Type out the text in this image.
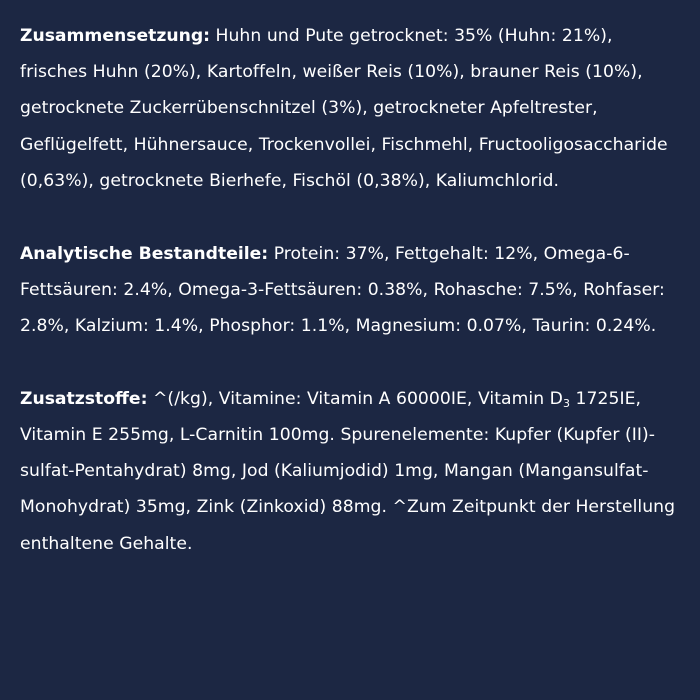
Zusammensetzung: Huhn und Pute getrocknet: 35% (Huhn: 21%), frisches Huhn (20%), Kartoffeln, weißer Reis (10%), brauner Reis (10%), getrocknete Zuckerrübenschnitzel (3%), getrockneter Apfeltrester, Geflügelfett, Hühnersauce, Trockenvollei, Fischmehl, Fructooligosaccharide (0,63%), getrocknete Bierhefe, Fischöl (0,38%), Kaliumchlorid.

Analytische Bestandteile: Protein: 37%, Fettgehalt: 12%, Omega-6-Fettsäuren: 2.4%, Omega-3-Fettsäuren: 0.38%, Rohasche: 7.5%, Rohfaser: 2.8%, Kalzium: 1.4%, Phosphor: 1.1%, Magnesium: 0.07%, Taurin: 0.24%.

Zusatzstoffe: ^(/kg), Vitamine: Vitamin A 60000IE, Vitamin $D_3$ 1725IE, Vitamin E 255mg, L-Carnitin 100mg. Spurenelemente: Kupfer (Kupfer (II)-sulfat-Pentahydrat) 8mg, Jod (Kaliumjodid) 1mg, Mangan (Mangansulfat-Monohydrat) 35mg, Zink (Zinkoxid) 88mg. ^Zum Zeitpunkt der Herstellung enthaltene Gehalte.
